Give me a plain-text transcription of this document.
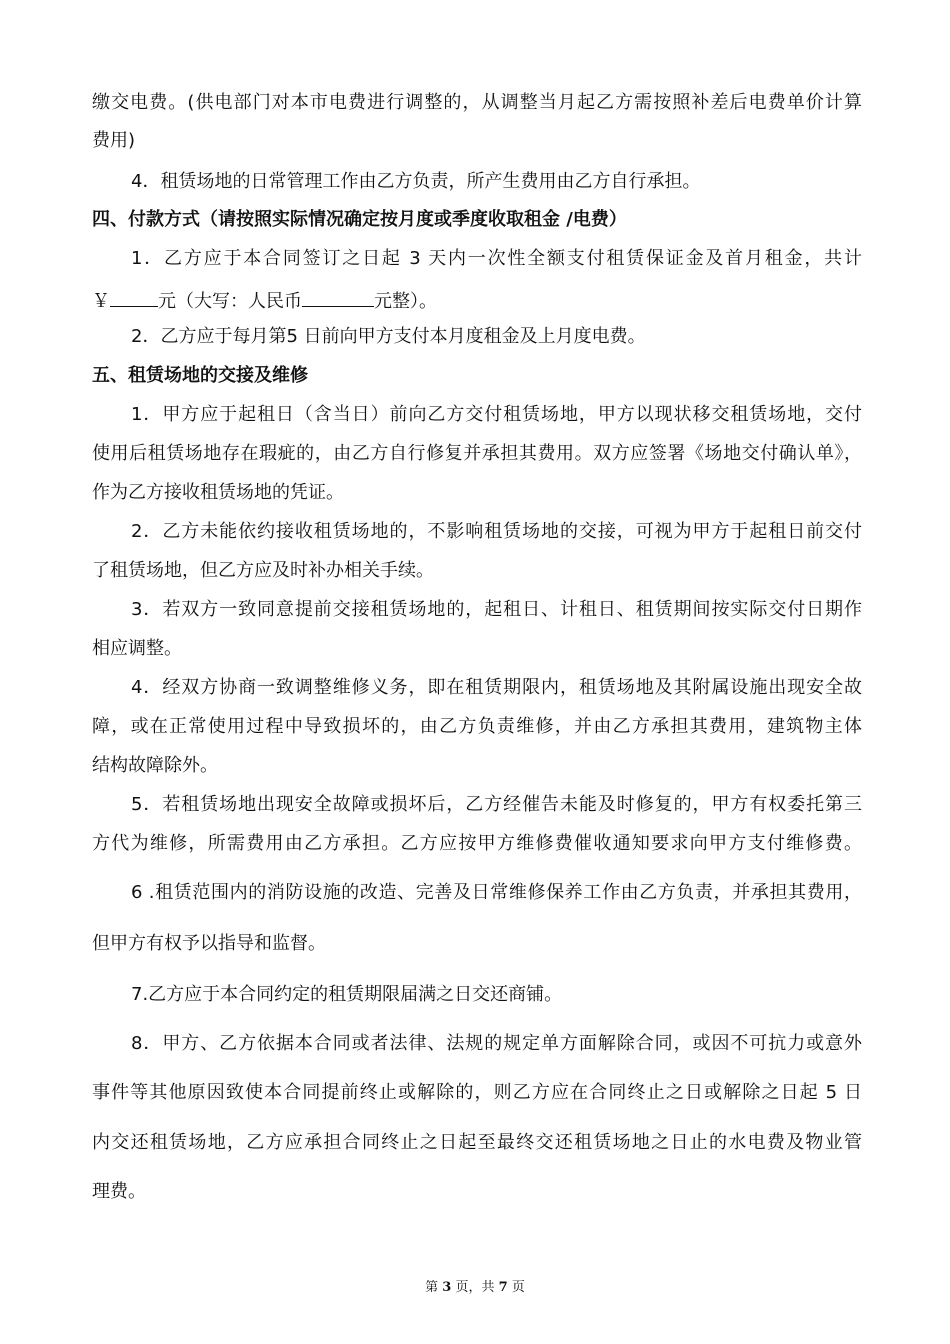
缴交电费。(供电部门对本市电费进行调整的，从调整当月起乙方需按照补差后电费单价计算
费用)
4．租赁场地的日常管理工作由乙方负责，所产生费用由乙方自行承担。
四、付款方式（请按照实际情况确定按月度或季度收取租金 /电费）
1．乙方应于本合同签订之日起 3 天内一次性全额支付租赁保证金及首月租金，共计
￥	元（大写：人民币	元整）。
2．乙方应于每月第5 日前向甲方支付本月度租金及上月度电费。
五、租赁场地的交接及维修
1．甲方应于起租日（含当日）前向乙方交付租赁场地，甲方以现状移交租赁场地，交付
使用后租赁场地存在瑕疵的，由乙方自行修复并承担其费用。双方应签署《场地交付确认单》，
作为乙方接收租赁场地的凭证。
2．乙方未能依约接收租赁场地的，不影响租赁场地的交接，可视为甲方于起租日前交付
了租赁场地，但乙方应及时补办相关手续。
3．若双方一致同意提前交接租赁场地的，起租日、计租日、租赁期间按实际交付日期作
相应调整。
4．经双方协商一致调整维修义务，即在租赁期限内，租赁场地及其附属设施出现安全故
障，或在正常使用过程中导致损坏的，由乙方负责维修，并由乙方承担其费用，建筑物主体
结构故障除外。
5．若租赁场地出现安全故障或损坏后，乙方经催告未能及时修复的，甲方有权委托第三
方代为维修，所需费用由乙方承担。乙方应按甲方维修费催收通知要求向甲方支付维修费。
6 .租赁范围内的消防设施的改造、完善及日常维修保养工作由乙方负责，并承担其费用，
但甲方有权予以指导和监督。
7.乙方应于本合同约定的租赁期限届满之日交还商铺。
8．甲方、乙方依据本合同或者法律、法规的规定单方面解除合同，或因不可抗力或意外
事件等其他原因致使本合同提前终止或解除的，则乙方应在合同终止之日或解除之日起 5 日
内交还租赁场地，乙方应承担合同终止之日起至最终交还租赁场地之日止的水电费及物业管
理费。
第 3 页，共 7 页
